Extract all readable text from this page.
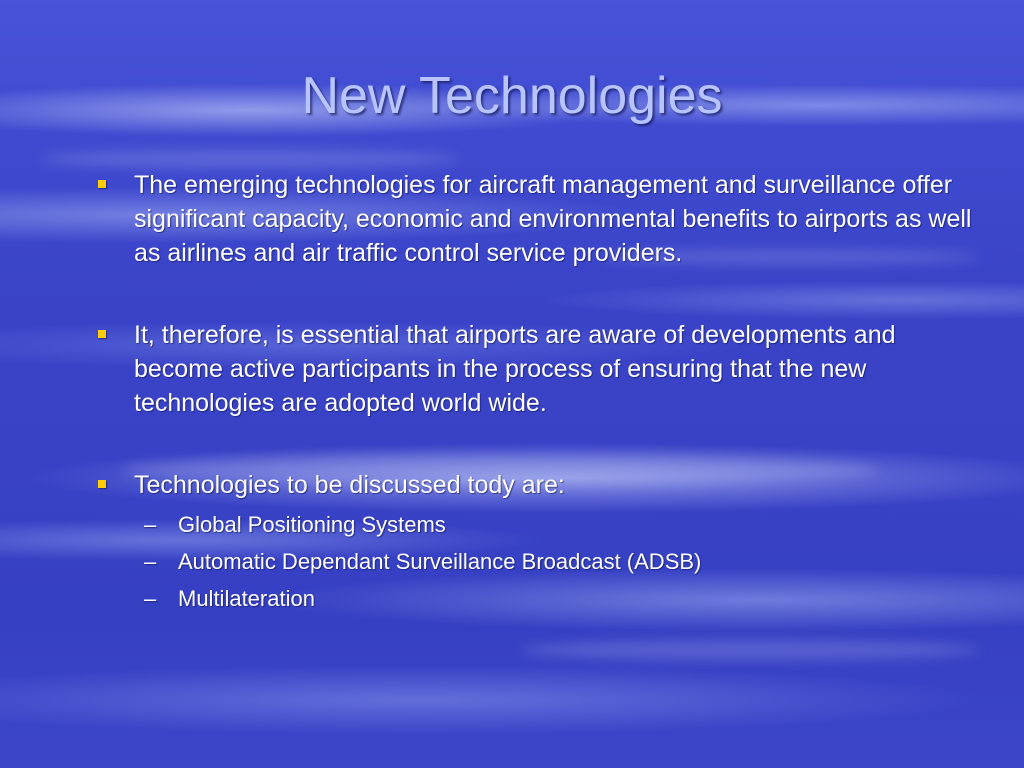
New Technologies
The emerging technologies for aircraft management and surveillance offer significant capacity, economic and environmental benefits to airports as well as airlines and air traffic control service providers.
It, therefore, is essential that airports are aware of developments and become active participants in the process of ensuring that the new technologies are adopted world wide.
Technologies to be discussed tody are:
– Global Positioning Systems
– Automatic Dependant Surveillance Broadcast (ADSB)
– Multilateration
